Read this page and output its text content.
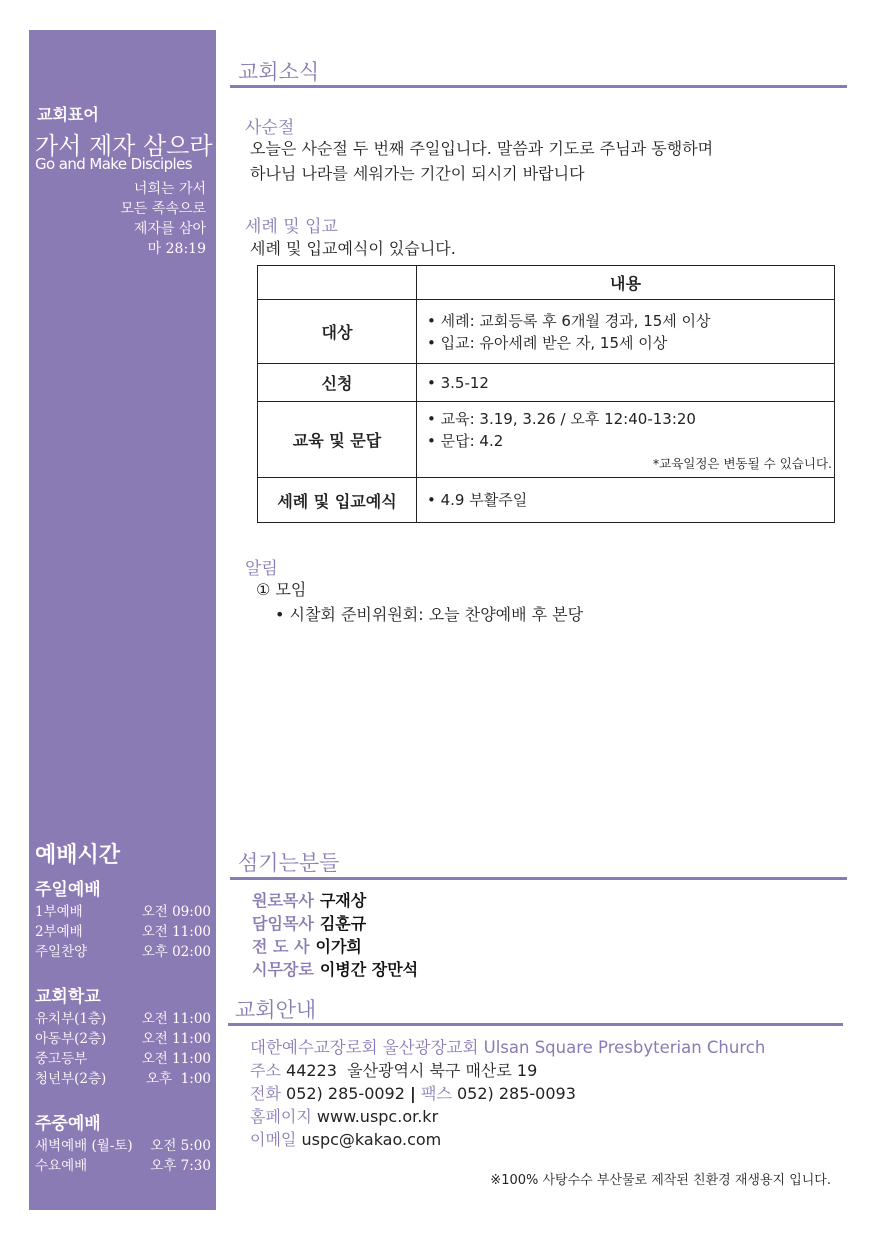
교회표어
가서 제자 삼으라
Go and Make Disciples
너희는 가서
모든 족속으로
제자를 삼아
마 28:19
예배시간
주일예배
1부예배	오전 09:00
2부예배	오전 11:00
주일찬양	오후 02:00
교회학교
유치부(1층)	오전 11:00
아동부(2층)	오전 11:00
중고등부	오전 11:00
청년부(2층)	오후  1:00
주중예배
새벽예배 (월-토) 오전 5:00
수요예배	오후 7:30
교회소식
사순절
오늘은 사순절 두 번째 주일입니다. 말씀과 기도로 주님과 동행하며
하나님 나라를 세워가는 기간이 되시기 바랍니다
세례 및 입교
세례 및 입교예식이 있습니다.
	내용
대상	• 세례: 교회등록 후 6개월 경과, 15세 이상
• 입교: 유아세례 받은 자, 15세 이상

신청	• 3.5-12

교육 및 문답	• 교육: 3.19, 3.26 / 오후 12:40-13:20
• 문답: 4.2
*교육일정은 변동될 수 있습니다.

세례 및 입교예식	• 4.9 부활주일
알림
① 모임
• 시찰회 준비위원회: 오늘 찬양예배 후 본당
섬기는분들
원로목사 구재상
담임목사 김훈규
전 도 사 이가희
시무장로 이병간 장만석
교회안내
대한예수교장로회 울산광장교회 Ulsan Square Presbyterian Church
주소 44223  울산광역시 북구 매산로 19
전화 052) 285-0092 | 팩스 052) 285-0093
홈페이지 www.uspc.or.kr
이메일 uspc@kakao.com
※100% 사탕수수 부산물로 제작된 친환경 재생용지 입니다.
